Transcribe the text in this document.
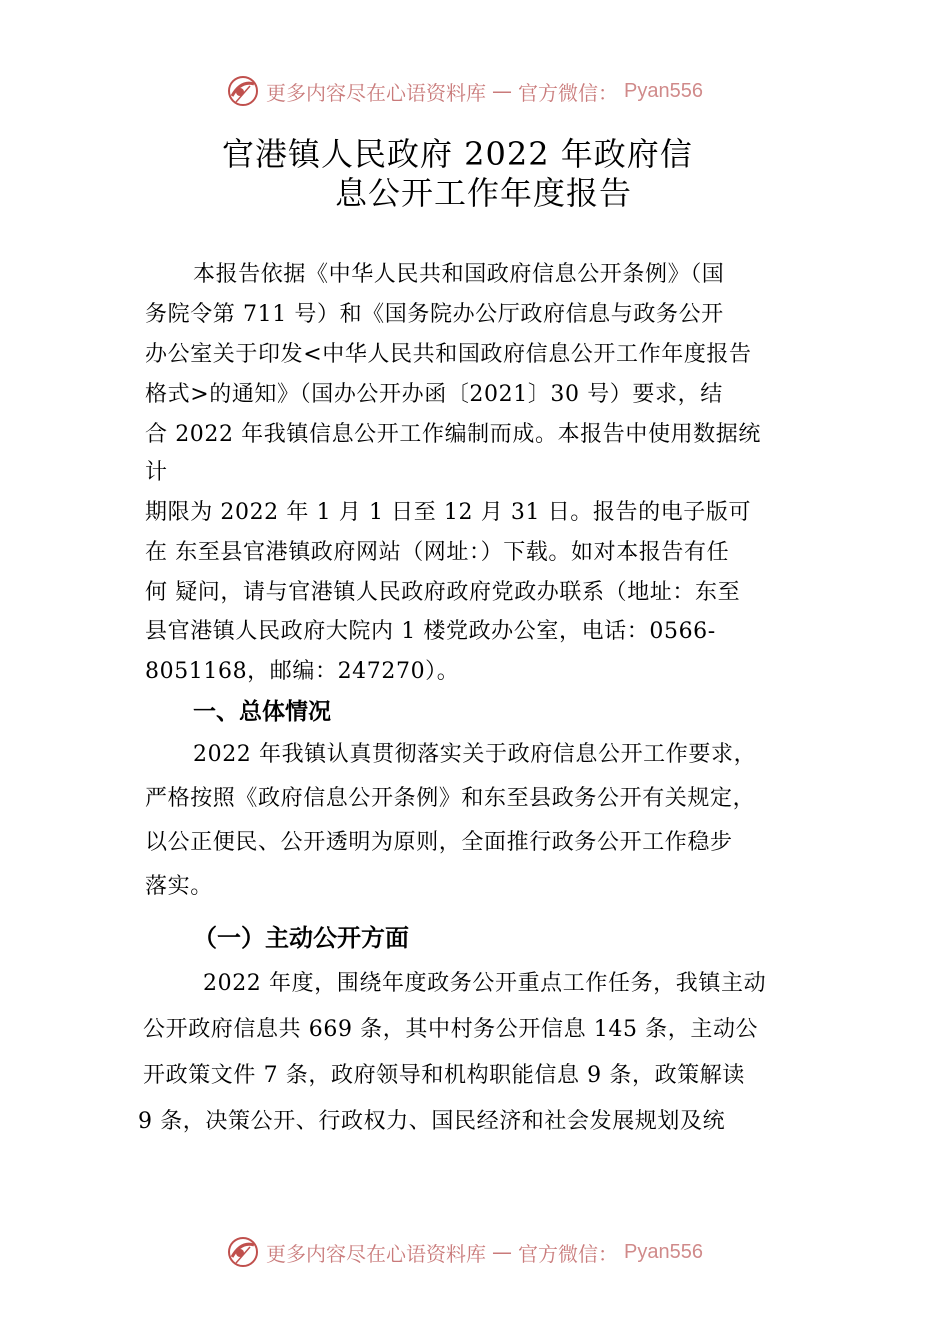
更多内容尽在心语资料库 — 官方微信： Pyan556
官港镇人民政府 2022 年政府信
息公开工作年度报告
本报告依据《中华人民共和国政府信息公开条例》（国
务院令第 711 号）和《国务院办公厅政府信息与政务公开
办公室关于印发<中华人民共和国政府信息公开工作年度报告
格式>的通知》（国办公开办函〔2021〕30 号）要求，结
合 2022 年我镇信息公开工作编制而成。本报告中使用数据统
计
期限为 2022 年 1 月 1 日至 12 月 31 日。报告的电子版可
在 东至县官港镇政府网站（网址：）下载。如对本报告有任
何 疑问，请与官港镇人民政府政府党政办联系（地址：东至
县官港镇人民政府大院内 1 楼党政办公室，电话：0566-
8051168，邮编：247270）。
一、总体情况
2022 年我镇认真贯彻落实关于政府信息公开工作要求，
严格按照《政府信息公开条例》和东至县政务公开有关规定，
以公正便民、公开透明为原则，全面推行政务公开工作稳步
落实。
（一）主动公开方面
2022 年度，围绕年度政务公开重点工作任务，我镇主动
公开政府信息共 669 条，其中村务公开信息 145 条，主动公
开政策文件 7 条，政府领导和机构职能信息 9 条，政策解读
9 条，决策公开、行政权力、国民经济和社会发展规划及统
更多内容尽在心语资料库 — 官方微信： Pyan556
